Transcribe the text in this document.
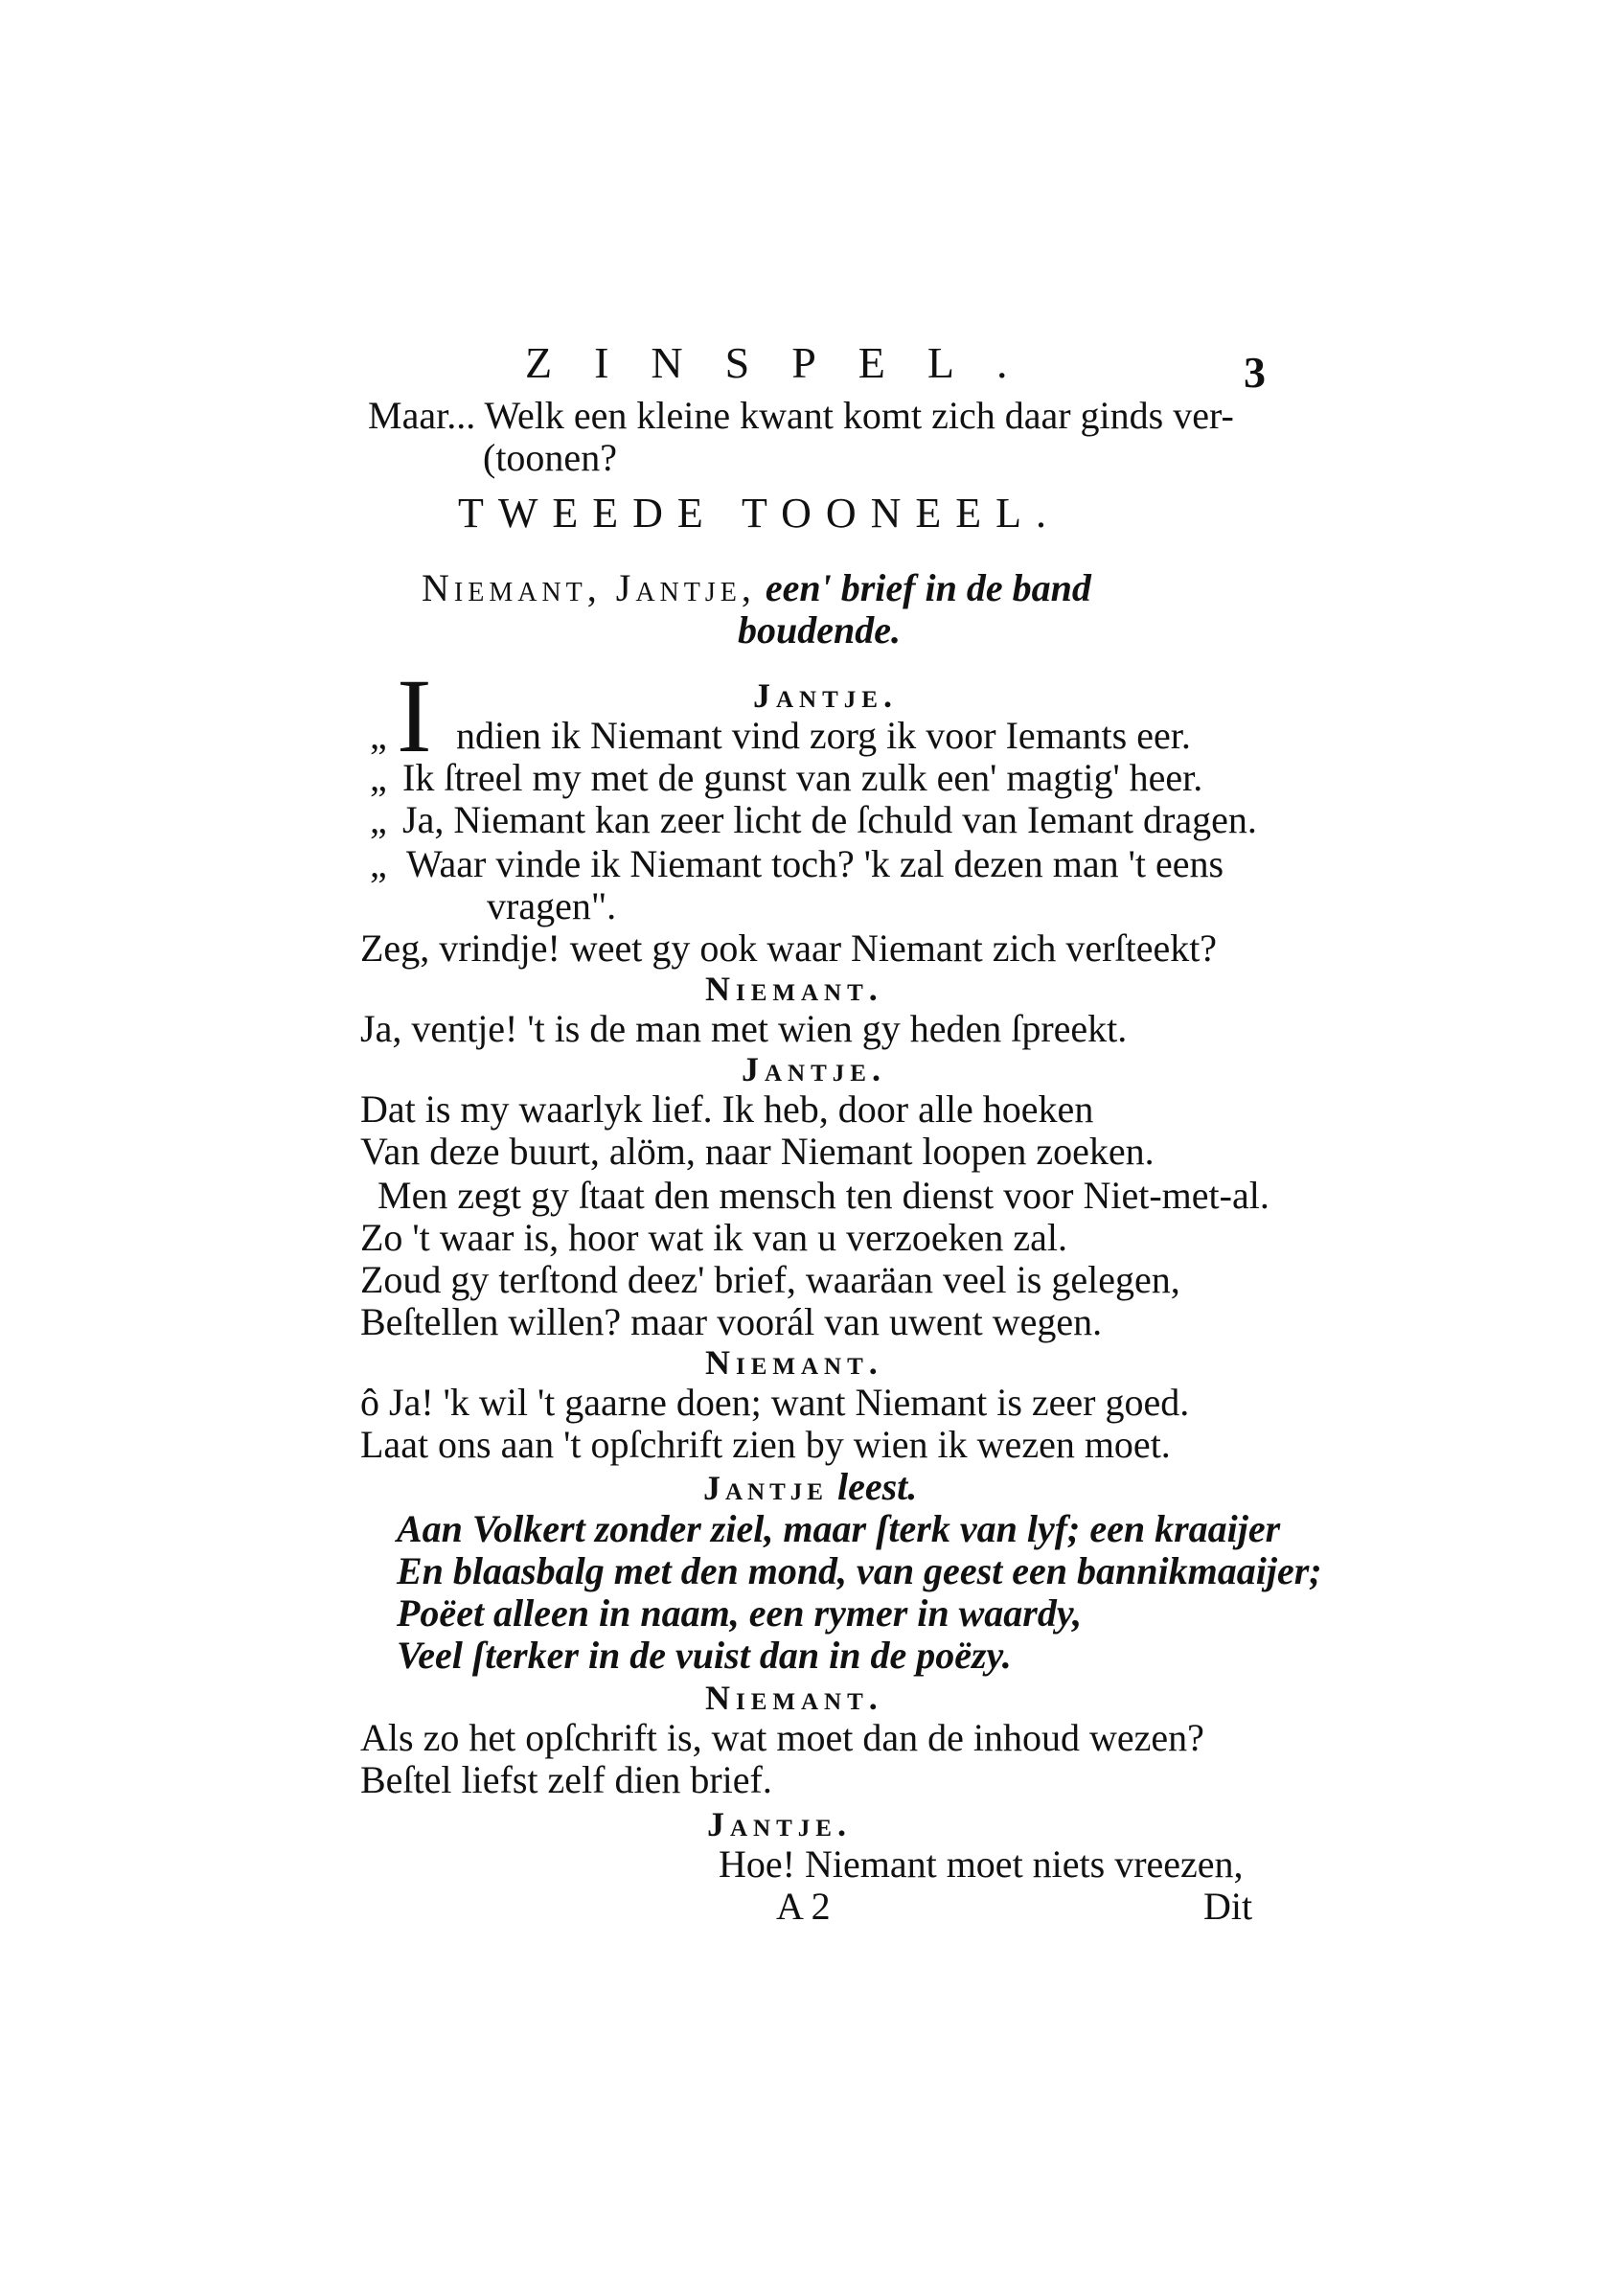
ZINSPEL.	3
Maar... Welk een kleine kwant komt zich daar ginds ver-
(toonen?
TWEEDE TOONEEL.
Niemant, Jantje, een' brief in de band
boudende.
I	Jantje.
„ ndien ik Niemant vind zorg ik voor Iemants eer.
„ Ik ſtreel my met de gunst van zulk een' magtig' heer.
„ Ja, Niemant kan zeer licht de ſchuld van Iemant dragen.
„ Waar vinde ik Niemant toch? 'k zal dezen man 't eens
vragen".
Zeg, vrindje! weet gy ook waar Niemant zich verſteekt?
Niemant.
Ja, ventje! 't is de man met wien gy heden ſpreekt.
Jantje.
Dat is my waarlyk lief. Ik heb, door alle hoeken
Van deze buurt, alöm, naar Niemant loopen zoeken.
Men zegt gy ſtaat den mensch ten dienst voor Niet-met-al.
Zo 't waar is, hoor wat ik van u verzoeken zal.
Zoud gy terſtond deez' brief, waaräan veel is gelegen,
Beſtellen willen? maar voorál van uwent wegen.
Niemant.
ô Ja! 'k wil 't gaarne doen; want Niemant is zeer goed.
Laat ons aan 't opſchrift zien by wien ik wezen moet.
Jantje leest.
Aan Volkert zonder ziel, maar ſterk van lyf; een kraaijer
En blaasbalg met den mond, van geest een bannikmaaijer;
Poëet alleen in naam, een rymer in waardy,
Veel ſterker in de vuist dan in de poëzy.
Niemant.
Als zo het opſchrift is, wat moet dan de inhoud wezen?
Beſtel liefst zelf dien brief.
Jantje.
Hoe! Niemant moet niets vreezen,
A 2	Dit
